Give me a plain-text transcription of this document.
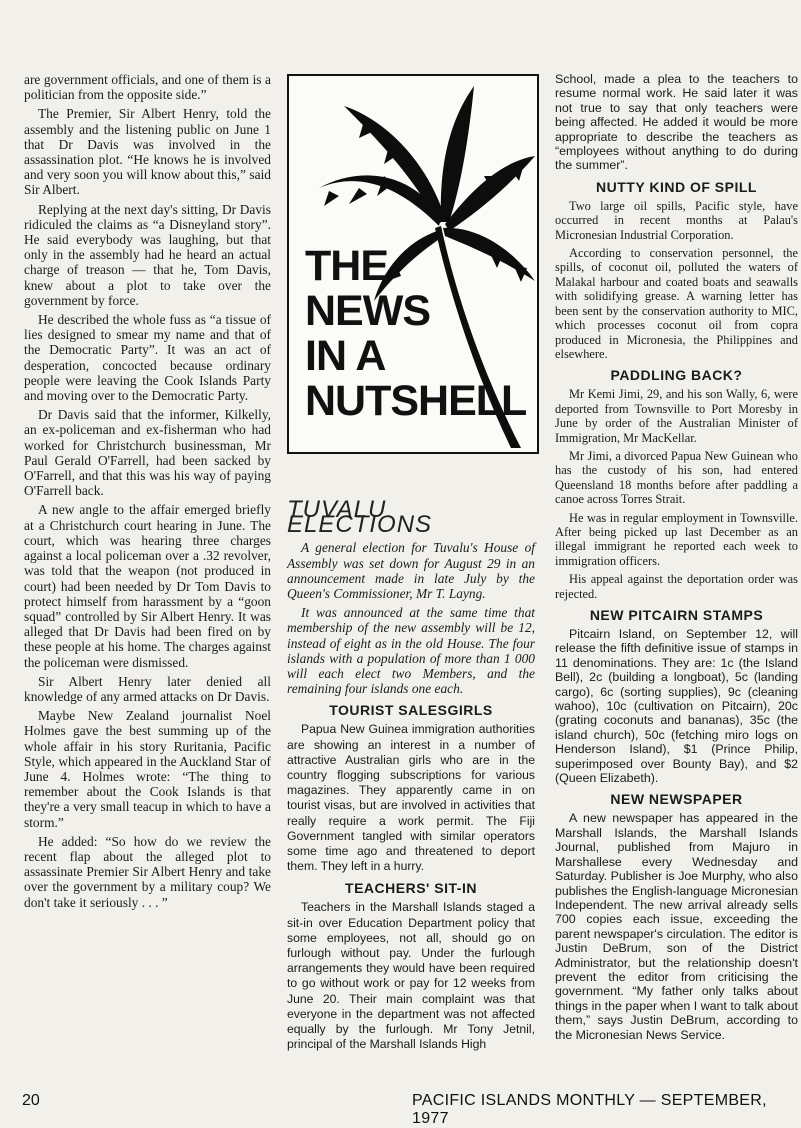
are government officials, and one of them is a politician from the opposite side.”

The Premier, Sir Albert Henry, told the assembly and the listening public on June 1 that Dr Davis was involved in the assassination plot. “He knows he is involved and very soon you will know about this,” said Sir Albert.

Replying at the next day's sitting, Dr Davis ridiculed the claims as “a Disneyland story”. He said everybody was laughing, but that only in the assembly had he heard an actual charge of treason — that he, Tom Davis, knew about a plot to take over the government by force.

He described the whole fuss as “a tissue of lies designed to smear my name and that of the Democratic Party”. It was an act of desperation, concocted because ordinary people were leaving the Cook Islands Party and moving over to the Democratic Party.

Dr Davis said that the informer, Kilkelly, an ex-policeman and ex-fisherman who had worked for Christchurch businessman, Mr Paul Gerald O'Farrell, had been sacked by O'Farrell, and that this was his way of paying O'Farrell back.

A new angle to the affair emerged briefly at a Christchurch court hearing in June. The court, which was hearing three charges against a local policeman over a .32 revolver, was told that the weapon (not produced in court) had been needed by Dr Tom Davis to protect himself from harassment by a “goon squad” controlled by Sir Albert Henry. It was alleged that Dr Davis had been fired on by these people at his home. The charges against the policeman were dismissed.

Sir Albert Henry later denied all knowledge of any armed attacks on Dr Davis.

Maybe New Zealand journalist Noel Holmes gave the best summing up of the whole affair in his story Ruritania, Pacific Style, which appeared in the Auckland Star of June 4. Holmes wrote: “The thing to remember about the Cook Islands is that they're a very small teacup in which to have a storm.”

He added: “So how do we review the recent flap about the alleged plot to assassinate Premier Sir Albert Henry and take over the government by a military coup? We don't take it seriously . . . ”

THE
NEWS
IN A
NUTSHELL
TUVALU ELECTIONS

A general election for Tuvalu's House of Assembly was set down for August 29 in an announcement made in late July by the Queen's Commissioner, Mr T. Layng.

It was announced at the same time that membership of the new assembly will be 12, instead of eight as in the old House. The four islands with a population of more than 1 000 will each elect two Members, and the remaining four islands one each.

TOURIST SALESGIRLS

Papua New Guinea immigration authorities are showing an interest in a number of attractive Australian girls who are in the country flogging subscriptions for various magazines. They apparently came in on tourist visas, but are involved in activities that really require a work permit. The Fiji Government tangled with similar operators some time ago and threatened to deport them. They left in a hurry.

TEACHERS' SIT-IN

Teachers in the Marshall Islands staged a sit-in over Education Department policy that some employees, not all, should go on furlough without pay. Under the furlough arrangements they would have been required to go without work or pay for 12 weeks from June 20. Their main complaint was that everyone in the department was not affected equally by the furlough. Mr Tony Jetnil, principal of the Marshall Islands High

School, made a plea to the teachers to resume normal work. He said later it was not true to say that only teachers were being affected. He added it would be more appropriate to describe the teachers as “employees without anything to do during the summer”.

NUTTY KIND OF SPILL

Two large oil spills, Pacific style, have occurred in recent months at Palau's Micronesian Industrial Corporation.

According to conservation personnel, the spills, of coconut oil, polluted the waters of Malakal harbour and coated boats and seawalls with solidifying grease. A warning letter has been sent by the conservation authority to MIC, which processes coconut oil from copra produced in Micronesia, the Philippines and elsewhere.

PADDLING BACK?

Mr Kemi Jimi, 29, and his son Wally, 6, were deported from Townsville to Port Moresby in June by order of the Australian Minister of Immigration, Mr MacKellar.

Mr Jimi, a divorced Papua New Guinean who has the custody of his son, had entered Queensland 18 months before after paddling a canoe across Torres Strait.

He was in regular employment in Townsville. After being picked up last December as an illegal immigrant he reported each week to immigration officers.

His appeal against the deportation order was rejected.

NEW PITCAIRN STAMPS

Pitcairn Island, on September 12, will release the fifth definitive issue of stamps in 11 denominations. They are: 1c (the Island Bell), 2c (building a longboat), 5c (landing cargo), 6c (sorting supplies), 9c (cleaning wahoo), 10c (cultivation on Pitcairn), 20c (grating coconuts and bananas), 35c (the island church), 50c (fetching miro logs on Henderson Island), $1 (Prince Philip, superimposed over Bounty Bay), and $2 (Queen Elizabeth).

NEW NEWSPAPER

A new newspaper has appeared in the Marshall Islands, the Marshall Islands Journal, published from Majuro in Marshallese every Wednesday and Saturday. Publisher is Joe Murphy, who also publishes the English-language Micronesian Independent. The new arrival already sells 700 copies each issue, exceeding the parent newspaper's circulation. The editor is Justin DeBrum, son of the District Administrator, but the relationship doesn't prevent the editor from criticising the government. “My father only talks about things in the paper when I want to talk about them,” says Justin DeBrum, according to the Micronesian News Service.

20	PACIFIC ISLANDS MONTHLY — SEPTEMBER, 1977
